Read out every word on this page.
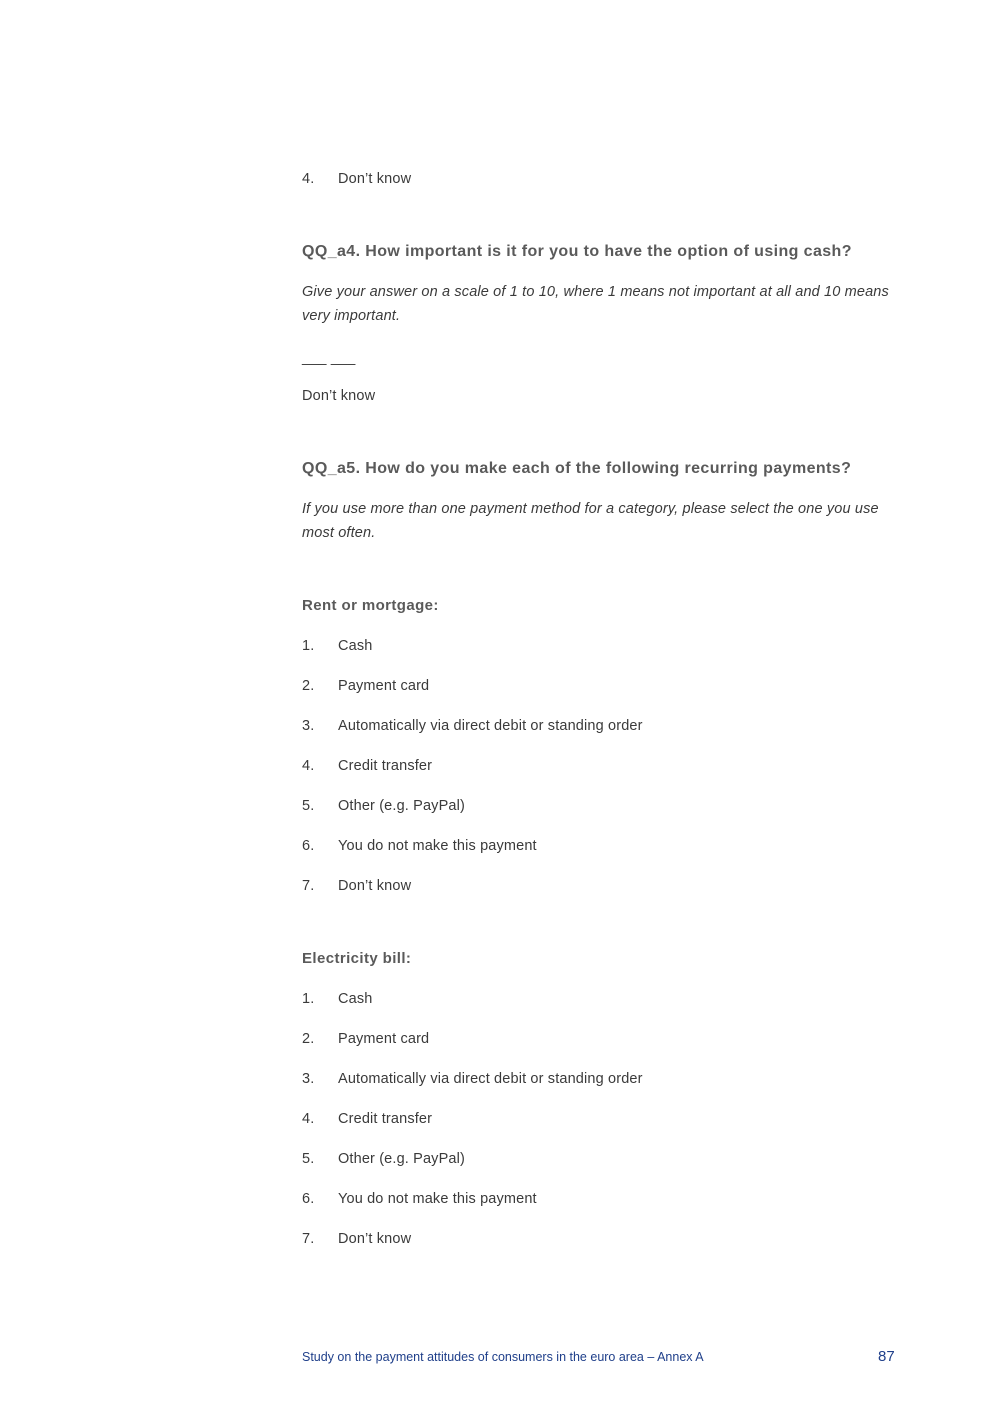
4. Don’t know
QQ_a4. How important is it for you to have the option of using cash?
Give your answer on a scale of 1 to 10, where 1 means not important at all and 10 means very important.
___ ___
Don’t know
QQ_a5. How do you make each of the following recurring payments?
If you use more than one payment method for a category, please select the one you use most often.
Rent or mortgage:
1. Cash
2. Payment card
3. Automatically via direct debit or standing order
4. Credit transfer
5. Other (e.g. PayPal)
6. You do not make this payment
7. Don’t know
Electricity bill:
1. Cash
2. Payment card
3. Automatically via direct debit or standing order
4. Credit transfer
5. Other (e.g. PayPal)
6. You do not make this payment
7. Don’t know
Study on the payment attitudes of consumers in the euro area – Annex A	87
